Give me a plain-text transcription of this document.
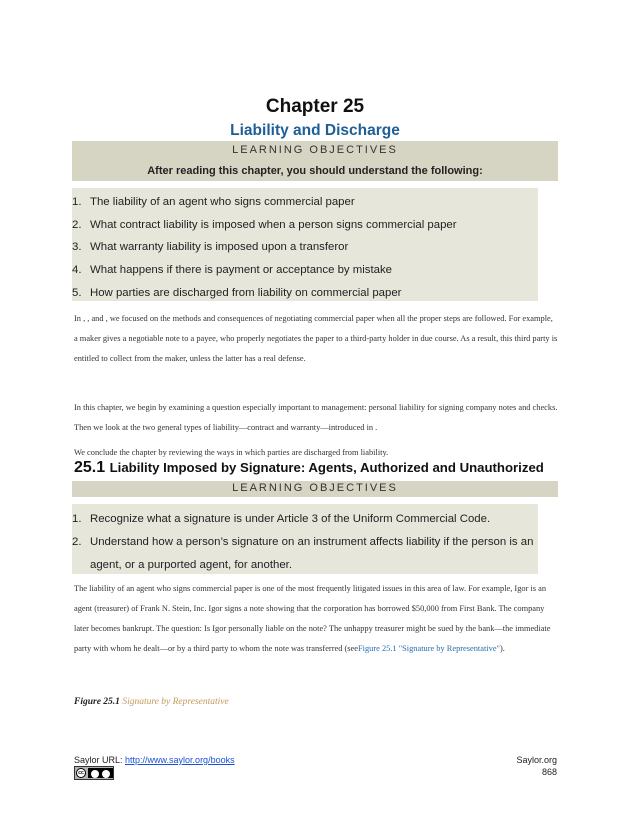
Chapter 25
Liability and Discharge
LEARNING OBJECTIVES
After reading this chapter, you should understand the following:
1. The liability of an agent who signs commercial paper
2. What contract liability is imposed when a person signs commercial paper
3. What warranty liability is imposed upon a transferor
4. What happens if there is payment or acceptance by mistake
5. How parties are discharged from liability on commercial paper
In , , and , we focused on the methods and consequences of negotiating commercial paper when all the proper steps are followed. For example, a maker gives a negotiable note to a payee, who properly negotiates the paper to a third-party holder in due course. As a result, this third party is entitled to collect from the maker, unless the latter has a real defense.
In this chapter, we begin by examining a question especially important to management: personal liability for signing company notes and checks. Then we look at the two general types of liability—contract and warranty—introduced in .
We conclude the chapter by reviewing the ways in which parties are discharged from liability.
25.1 Liability Imposed by Signature: Agents, Authorized and Unauthorized
LEARNING OBJECTIVES
1. Recognize what a signature is under Article 3 of the Uniform Commercial Code.
2. Understand how a person’s signature on an instrument affects liability if the person is an
agent, or a purported agent, for another.
The liability of an agent who signs commercial paper is one of the most frequently litigated issues in this area of law. For example, Igor is an agent (treasurer) of Frank N. Stein, Inc. Igor signs a note showing that the corporation has borrowed $50,000 from First Bank. The company later becomes bankrupt. The question: Is Igor personally liable on the note? The unhappy treasurer might be sued by the bank—the immediate party with whom he dealt—or by a third party to whom the note was transferred (seeFigure 25.1 "Signature by Representative").
Figure 25.1 Signature by Representative
Saylor URL: http://www.saylor.org/books
cc
Saylor.org
868
